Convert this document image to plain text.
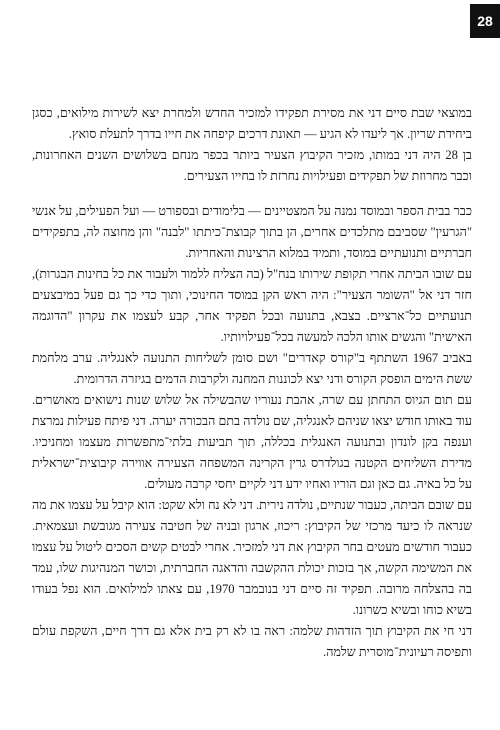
28

במוצאי שבת סיים דני את מסירת תפקידו למזכיר החדש ולמחרת יצא לשירות מילואים, כסגן ביחידת שריון. אך ליעדו לא הגיע — תאונת דרכים קיפחה את חייו בדרך לתעלת סואץ.

בן 28 היה דני במותו, מזכיר הקיבוץ הצעיר ביותר בכפר מנחם בשלושים השנים האחרונות, וכבר מחרוזת של תפקידים ופעילויות נחרזת לו בחייו הצעירים.

כבר בבית הספר ובמוסד נמנה על המצטיינים — בלימודים ובספורט — ועל הפעילים, על אנשי "הגרעין" שסביבם מתלכדים אחרים, הן בתוך קבוצת־כיתתו "לבנה" והן מחוצה לה, בתפקידים חברתיים ותנועתיים במוסד, ותמיד במלוא הרצינות והאחריות.

עם שובו הביתה אחרי תקופת שירותו בנח"ל (בה הצליח ללמוד ולעבור את כל בחינות הבגרות), חזר דני אל "השומר הצעיר": היה ראש הקן במוסד החינוכי, ותוך כדי כך גם פעל במיבצעים תנועתיים כל־ארציים. בצבא, בתנועה ובכל תפקיד אחר, קבע לעצמו את עקרון "הדוגמה האישית" והגשים אותו הלכה למעשה בכל־פעילויותיו.

באביב 1967 השתתף ב"קורס קאדרים" ושם סומן לשליחות התנועה לאנגליה. ערב מלחמת ששת הימים הופסק הקורס ודני יצא לכוננות המחנה ולקרבות הדמים בגיזרה הדרומית.

עם תום הגיוס התחתן עם שרה, אהבת נעוריו שהבשילה אל שלוש שנות נישואים מאושרים. עוד באותו חודש יצאו שניהם לאנגליה, שם נולדה בתם הבכורה יערה. דני פיתח פעילות נמרצת וענפה בקן לונדון ובתנועה האנגלית בכללה, תוך תביעות בלתי־מתפשרות מעצמו ומחניכיו. מדירת השליחים הקטנה בגולדרס גרין הקרינה המשפחה הצעירה אווירה קיבוצית־ישראלית על כל באיה. גם כאן וגם הוריו ואחיו ידע דני לקיים יחסי קרבה מעולים.

עם שובם הביתה, כעבור שנתיים, נולדה נירית. דני לא נח ולא שקט: הוא קיבל על עצמו את מה שנראה לו כיעד מרכזי של הקיבוץ: ריכוז, ארגון ובניה של חטיבה צעירה מגובשת ועצמאית. כעבור חודשים מעטים בחר הקיבוץ את דני למזכיר. אחרי לבטים קשים הסכים ליטול על עצמו את המשימה הקשה, אך בזכות יכולת ההקשבה והדאגה החברתית, וכושר המנהיגות שלו, עמד בה בהצלחה מרובה. תפקיד זה סיים דני בנובמבר 1970, עם צאתו למילואים. הוא נפל בעודו בשיא כוחו ובשיא כשרונו.

דני חי את הקיבוץ תוך הזדהות שלמה: ראה בו לא רק בית אלא גם דרך חיים, השקפת עולם ותפיסה רעיונית־מוסרית שלמה.
